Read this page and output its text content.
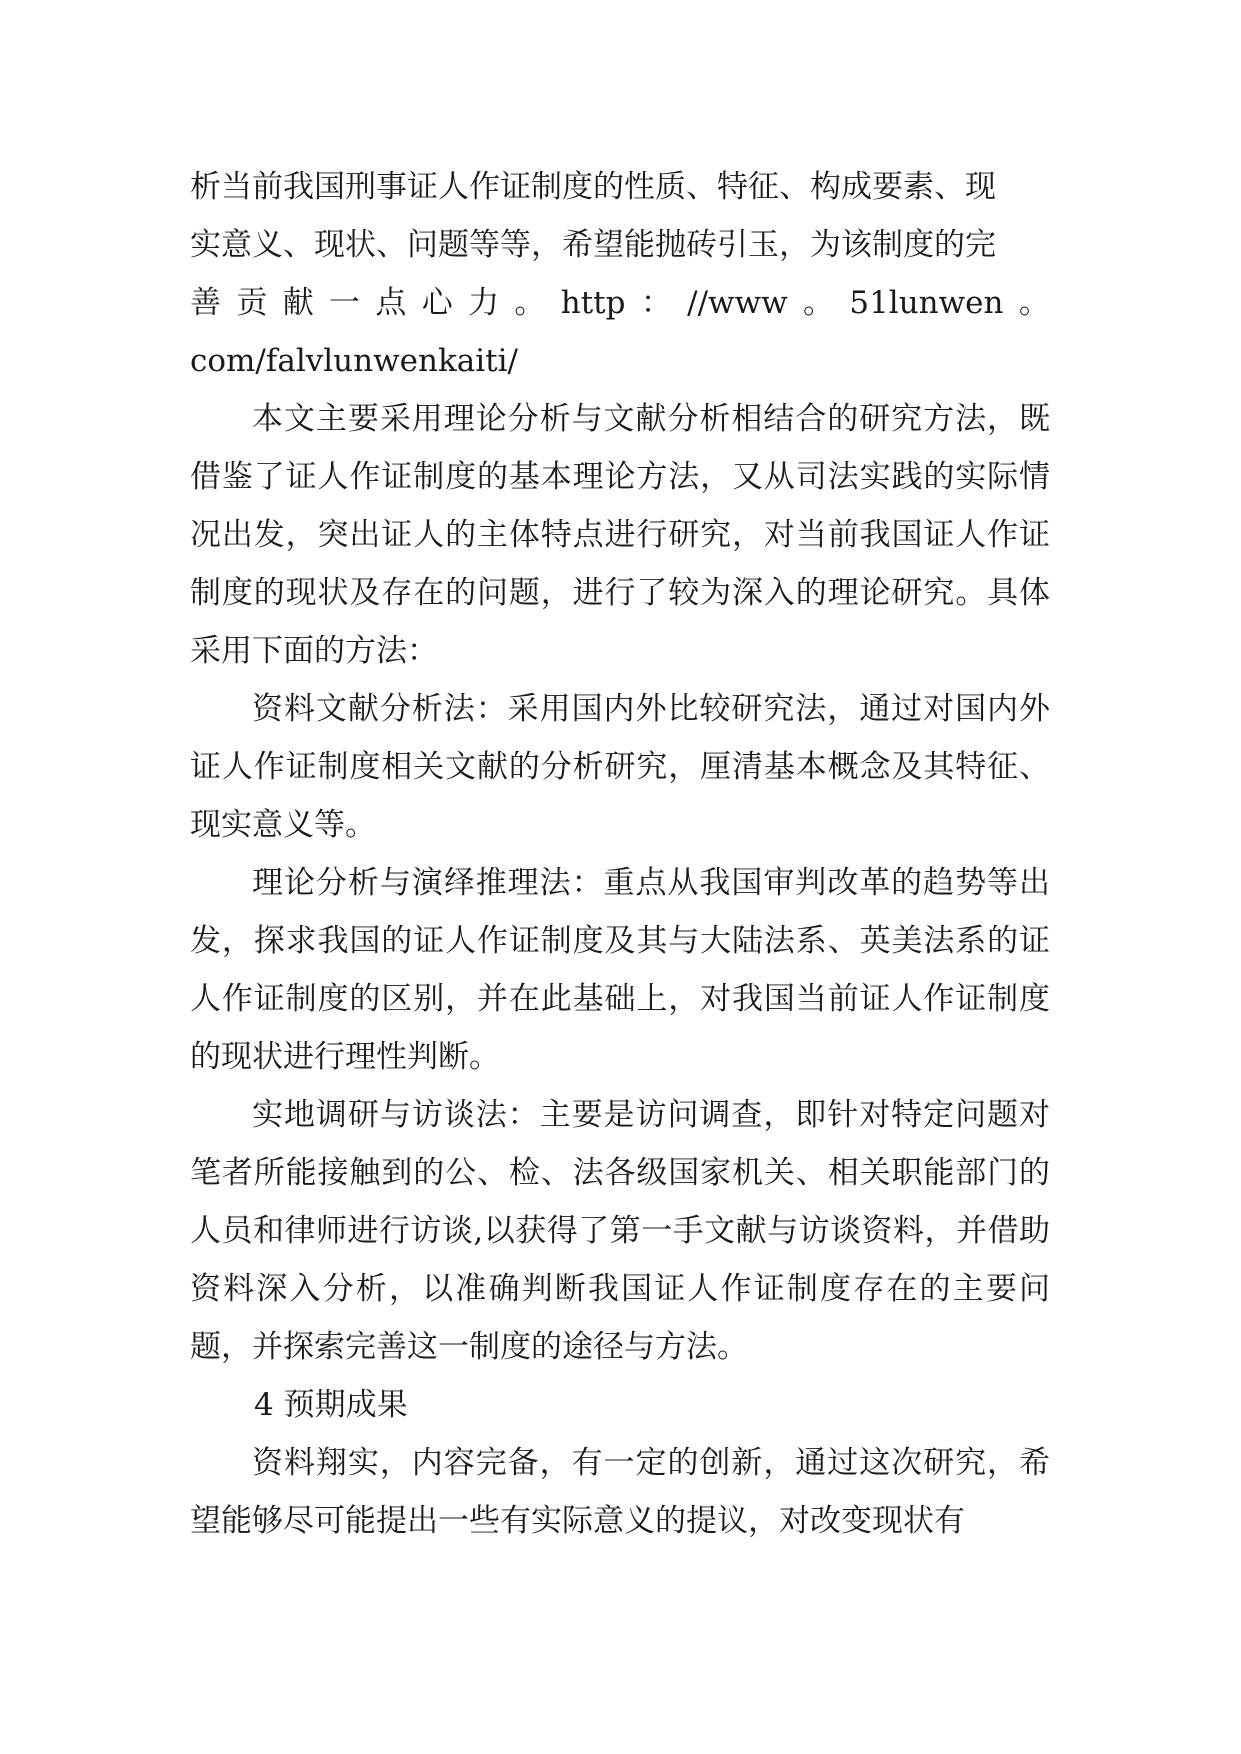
析当前我国刑事证人作证制度的性质、特征、构成要素、现

实意义、现状、问题等等，希望能抛砖引玉，为该制度的完

善 贡 献 一 点 心 力 。 http ： //www 。 51lunwen 。

com/falvlunwenkaiti/

本文主要采用理论分析与文献分析相结合的研究方法，既借鉴了证人作证制度的基本理论方法，又从司法实践的实际情况出发，突出证人的主体特点进行研究，对当前我国证人作证制度的现状及存在的问题，进行了较为深入的理论研究。具体采用下面的方法：

资料文献分析法：采用国内外比较研究法，通过对国内外证人作证制度相关文献的分析研究，厘清基本概念及其特征、现实意义等。

理论分析与演绎推理法：重点从我国审判改革的趋势等出发，探求我国的证人作证制度及其与大陆法系、英美法系的证人作证制度的区别，并在此基础上，对我国当前证人作证制度的现状进行理性判断。

实地调研与访谈法：主要是访问调查，即针对特定问题对笔者所能接触到的公、检、法各级国家机关、相关职能部门的人员和律师进行访谈,以获得了第一手文献与访谈资料，并借助资料深入分析，以准确判断我国证人作证制度存在的主要问题，并探索完善这一制度的途径与方法。

4 预期成果

资料翔实，内容完备，有一定的创新，通过这次研究，希望能够尽可能提出一些有实际意义的提议，对改变现状有
